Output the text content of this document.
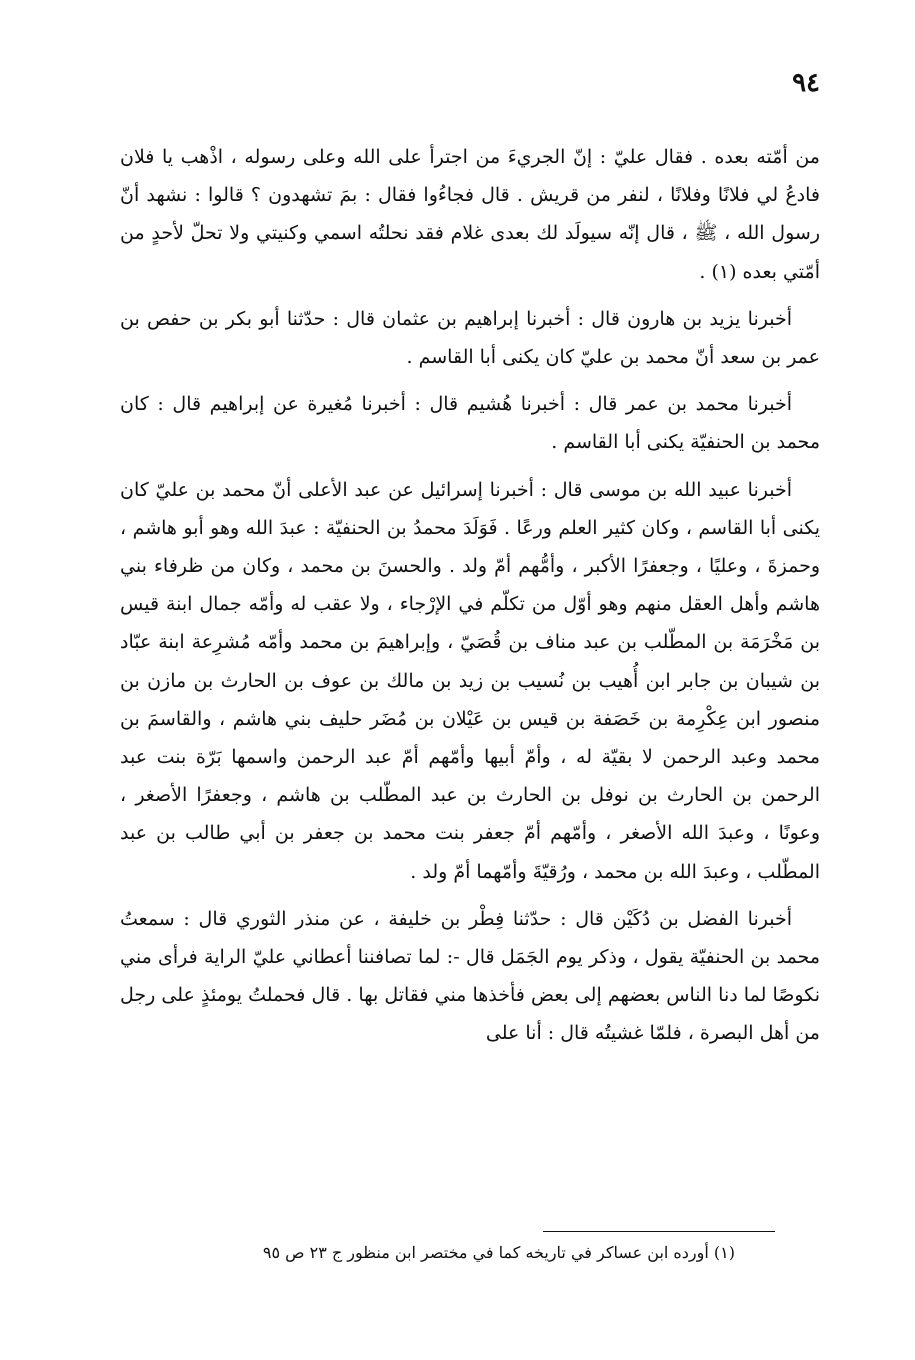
٩٤

من أمّته بعده . فقال عليّ : إنّ الجريءَ من اجترأ على الله وعلى رسوله ، اذْهب يا فلان فادعُ لي فلانًا وفلانًا ، لنفر من قريش . قال فجاءُوا فقال : بمَ تشهدون ؟ قالوا : نشهد أنّ رسول الله ، ﷺ ، قال إنّه سيولَد لك بعدى غلام فقد نحلتُه اسمي وكنيتي ولا تحلّ لأحدٍ من أمّتي بعده (١) .

أخبرنا يزيد بن هارون قال : أخبرنا إبراهيم بن عثمان قال : حدّثنا أبو بكر بن حفص بن عمر بن سعد أنّ محمد بن عليّ كان يكنى أبا القاسم .

أخبرنا محمد بن عمر قال : أخبرنا هُشيم قال : أخبرنا مُغيرة عن إبراهيم قال : كان محمد بن الحنفيّة يكنى أبا القاسم .

أخبرنا عبيد الله بن موسى قال : أخبرنا إسرائيل عن عبد الأعلى أنّ محمد بن عليّ كان يكنى أبا القاسم ، وكان كثير العلم ورعًا . فَوَلَدَ محمدُ بن الحنفيّة : عبدَ الله وهو أبو هاشم ، وحمزةَ ، وعليًا ، وجعفرًا الأكبر ، وأمُّهم أمّ ولد . والحسنَ بن محمد ، وكان من ظرفاء بني هاشم وأهل العقل منهم وهو أوّل من تكلّم في الإرْجاء ، ولا عقب له وأمّه جمال ابنة قيس بن مَخْرَمَة بن المطّلب بن عبد مناف بن قُصَيّ ، وإبراهيمَ بن محمد وأمّه مُشرِعة ابنة عبّاد بن شيبان بن جابر ابن أُهيب بن نُسيب بن زيد بن مالك بن عوف بن الحارث بن مازن بن منصور ابن عِكْرِمة بن خَصَفة بن قيس بن عَيْلان بن مُضَر حليف بني هاشم ، والقاسمَ بن محمد وعبد الرحمن لا بقيّة له ، وأمّ أبيها وأمّهم أمّ عبد الرحمن واسمها بَرّة بنت عبد الرحمن بن الحارث بن نوفل بن الحارث بن عبد المطّلب بن هاشم ، وجعفرًا الأصغر ، وعونًا ، وعبدَ الله الأصغر ، وأمّهم أمّ جعفر بنت محمد بن جعفر بن أبي طالب بن عبد المطّلب ، وعبدَ الله بن محمد ، ورُقيّةَ وأمّهما أمّ ولد .

أخبرنا الفضل بن دُكَيْن قال : حدّثنا فِطْر بن خليفة ، عن منذر الثوري قال : سمعتُ محمد بن الحنفيّة يقول ، وذكر يوم الجَمَل قال -: لما تصافننا أعطاني عليّ الراية فرأى مني نكوصًا لما دنا الناس بعضهم إلى بعض فأخذها مني فقاتل بها . قال فحملتُ يومئذٍ على رجل من أهل البصرة ، فلمّا غشيتُه قال : أنا على

(١) أورده ابن عساكر في تاريخه كما في مختصر ابن منظور ج ٢٣ ص ٩٥
